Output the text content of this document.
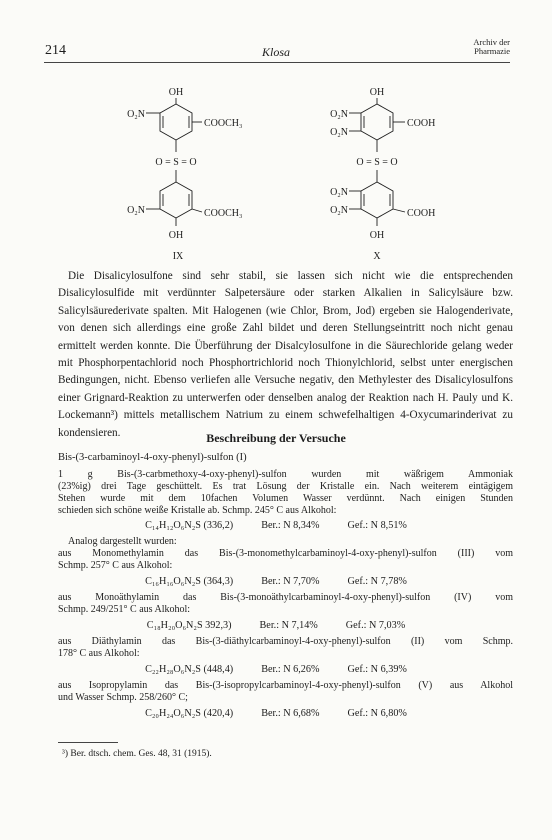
214	Klosa
Archiv der
Pharmazie
OH
O₂N
COOCH₃
O = S = O
O₂N	COOCH₃
OH
IX
OH
O₂N
O₂N
COOH
O = S = O
O₂N
O₂N	COOH
OH
X

Die Disalicylosulfone sind sehr stabil, sie lassen sich nicht wie die entsprechenden Disalicylosulfide mit verdünnter Salpetersäure oder starken Alkalien in Salicylsäure bzw. Salicylsäurederivate spalten. Mit Halogenen (wie Chlor, Brom, Jod) ergeben sie Halogenderivate, von denen sich allerdings eine große Zahl bildet und deren Stellungseintritt noch nicht genau ermittelt werden konnte. Die Überführung der Disalcylosulfone in die Säurechloride gelang weder mit Phosphorpentachlorid noch Phosphortrichlorid noch Thionylchlorid, selbst unter energischen Bedingungen, nicht. Ebenso verliefen alle Versuche negativ, den Methylester des Disalicylosulfons einer Grignard-Reaktion zu unterwerfen oder denselben analog der Reaktion nach H. Pauly und K. Lockemann³) mittels metallischem Natrium zu einem schwefelhaltigen 4-Oxycumarinderivat zu kondensieren.	Beschreibung der Versuche
Bis-(3-carbaminoyl-4-oxy-phenyl)-sulfon (I)
1 g Bis-(3-carbmethoxy-4-oxy-phenyl)-sulfon wurden mit wäßrigem Ammoniak
(23%ig) drei Tage geschüttelt. Es trat Lösung der Kristalle ein. Nach weiterem eintägigem
Stehen wurde mit dem 10fachen Volumen Wasser verdünnt. Nach einigen Stunden
schieden sich schöne weiße Kristalle ab. Schmp. 245° C aus Alkohol:
C₁₄H₁₂O₆N₂S (336,2)	Ber.: N 8,34%	Gef.: N 8,51%
Analog dargestellt wurden:
aus Monomethylamin das Bis-(3-monomethylcarbaminoyl-4-oxy-phenyl)-sulfon (III) vom
Schmp. 257° C aus Alkohol:
C₁₆H₁₆O₆N₂S (364,3)	Ber.: N 7,70%	Gef.: N 7,78%
aus Monoäthylamin das Bis-(3-monoäthylcarbaminoyl-4-oxy-phenyl)-sulfon (IV) vom
Schmp. 249/251° C aus Alkohol:
C₁₈H₂₀O₆N₂S 392,3)	Ber.: N 7,14%	Gef.: N 7,03%
aus Diäthylamin das Bis-(3-diäthylcarbaminoyl-4-oxy-phenyl)-sulfon (II) vom Schmp.
178° C aus Alkohol:
C₂₂H₂₈O₆N₂S (448,4)	Ber.: N 6,26%	Gef.: N 6,39%
aus Isopropylamin das Bis-(3-isopropylcarbaminoyl-4-oxy-phenyl)-sulfon (V) aus Alkohol
und Wasser Schmp. 258/260° C;
C₂₀H₂₄O₆N₂S (420,4)	Ber.: N 6,68%	Gef.: N 6,80%
³) Ber. dtsch. chem. Ges. 48, 31 (1915).
